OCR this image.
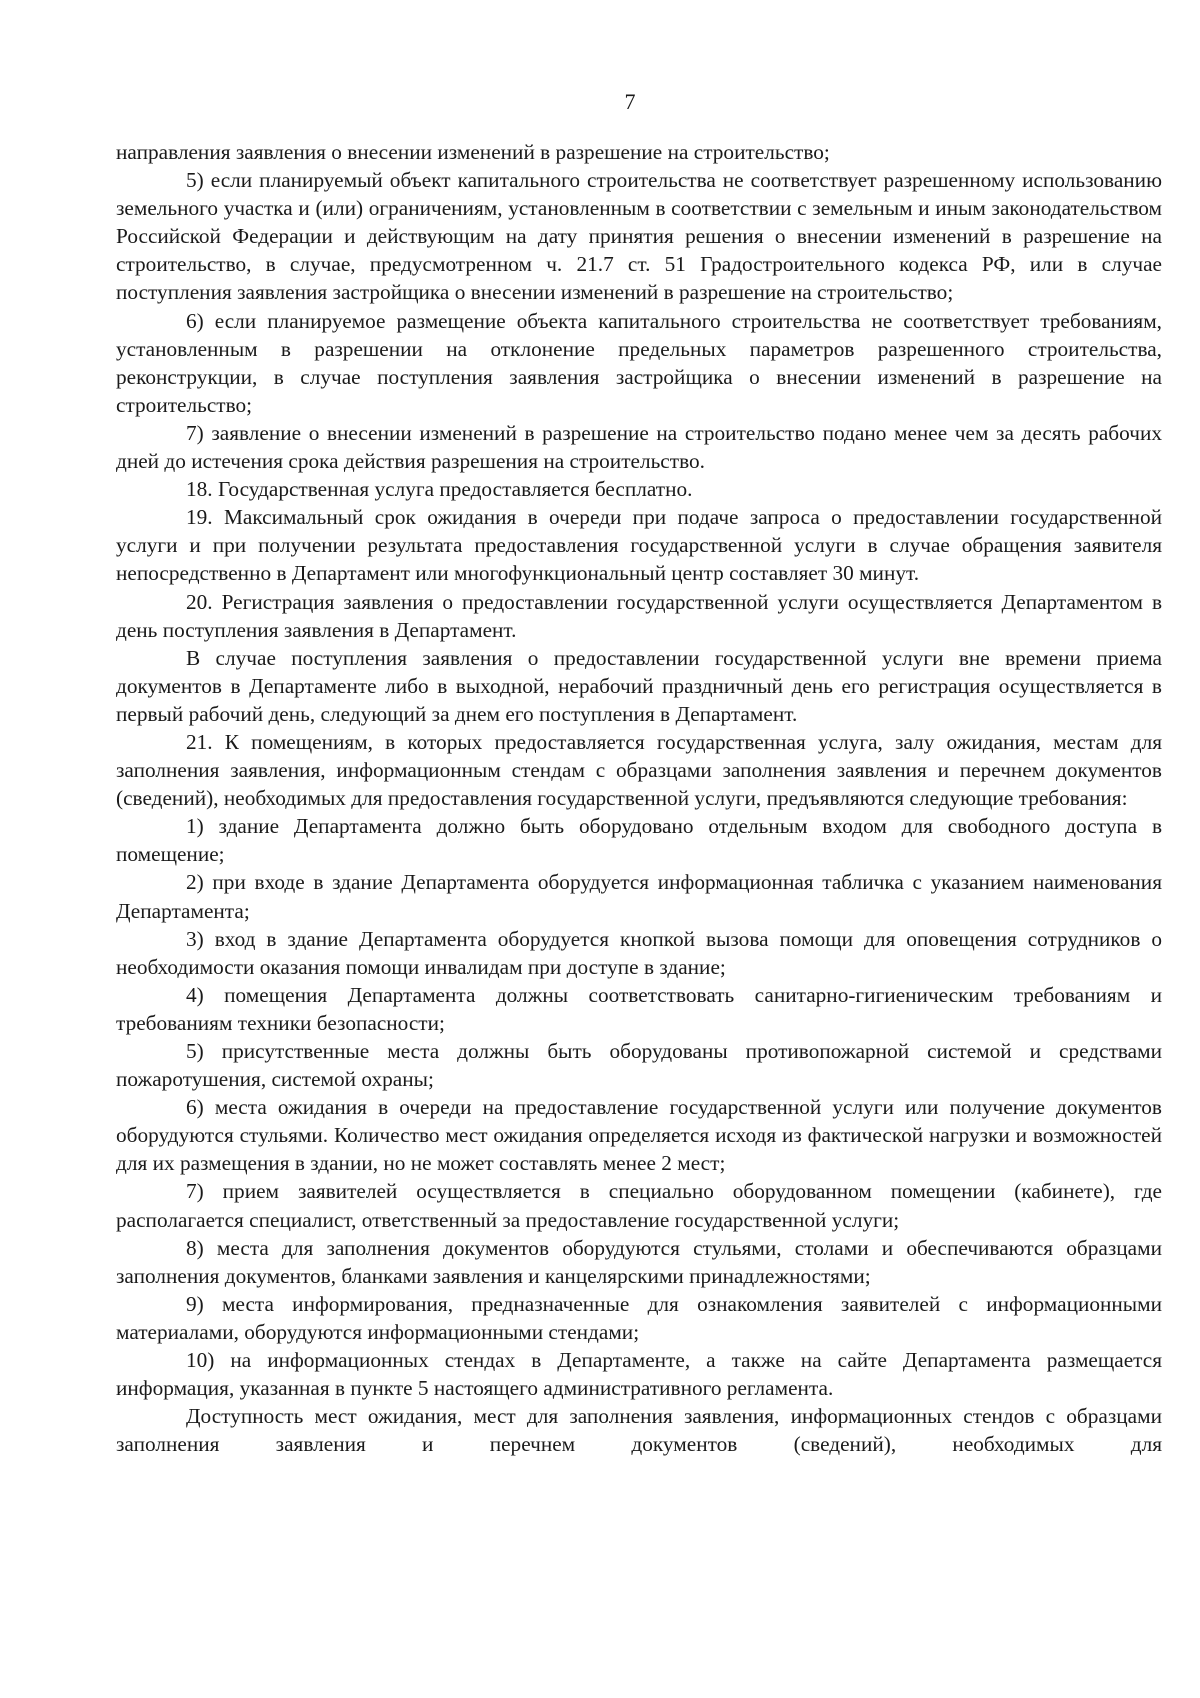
7

направления заявления о внесении изменений в разрешение на строительство;

5) если планируемый объект капитального строительства не соответствует разрешенному использованию земельного участка и (или) ограничениям, установленным в соответствии с земельным и иным законодательством Российской Федерации и действующим на дату принятия решения о внесении изменений в разрешение на строительство, в случае, предусмотренном ч. 21.7 ст. 51 Градостроительного кодекса РФ, или в случае поступления заявления застройщика о внесении изменений в разрешение на строительство;

6) если планируемое размещение объекта капитального строительства не соответствует требованиям, установленным в разрешении на отклонение предельных параметров разрешенного строительства, реконструкции, в случае поступления заявления застройщика о внесении изменений в разрешение на строительство;

7) заявление о внесении изменений в разрешение на строительство подано менее чем за десять рабочих дней до истечения срока действия разрешения на строительство.

18. Государственная услуга предоставляется бесплатно.

19. Максимальный срок ожидания в очереди при подаче запроса о предоставлении государственной услуги и при получении результата предоставления государственной услуги в случае обращения заявителя непосредственно в Департамент или многофункциональный центр составляет 30 минут.

20. Регистрация заявления о предоставлении государственной услуги осуществляется Департаментом в день поступления заявления в Департамент.

В случае поступления заявления о предоставлении государственной услуги вне времени приема документов в Департаменте либо в выходной, нерабочий праздничный день его регистрация осуществляется в первый рабочий день, следующий за днем его поступления в Департамент.

21. К помещениям, в которых предоставляется государственная услуга, залу ожидания, местам для заполнения заявления, информационным стендам с образцами заполнения заявления и перечнем документов (сведений), необходимых для предоставления государственной услуги, предъявляются следующие требования:

1) здание Департамента должно быть оборудовано отдельным входом для свободного доступа в помещение;

2) при входе в здание Департамента оборудуется информационная табличка с указанием наименования Департамента;

3) вход в здание Департамента оборудуется кнопкой вызова помощи для оповещения сотрудников о необходимости оказания помощи инвалидам при доступе в здание;

4) помещения Департамента должны соответствовать санитарно-гигиеническим требованиям и требованиям техники безопасности;

5) присутственные места должны быть оборудованы противопожарной системой и средствами пожаротушения, системой охраны;

6) места ожидания в очереди на предоставление государственной услуги или получение документов оборудуются стульями. Количество мест ожидания определяется исходя из фактической нагрузки и возможностей для их размещения в здании, но не может составлять менее 2 мест;

7) прием заявителей осуществляется в специально оборудованном помещении (кабинете), где располагается специалист, ответственный за предоставление государственной услуги;

8) места для заполнения документов оборудуются стульями, столами и обеспечиваются образцами заполнения документов, бланками заявления и канцелярскими принадлежностями;

9) места информирования, предназначенные для ознакомления заявителей с информационными материалами, оборудуются информационными стендами;

10) на информационных стендах в Департаменте, а также на сайте Департамента размещается информация, указанная в пункте 5 настоящего административного регламента.

Доступность мест ожидания, мест для заполнения заявления, информационных стендов с образцами заполнения заявления и перечнем документов (сведений), необходимых для
